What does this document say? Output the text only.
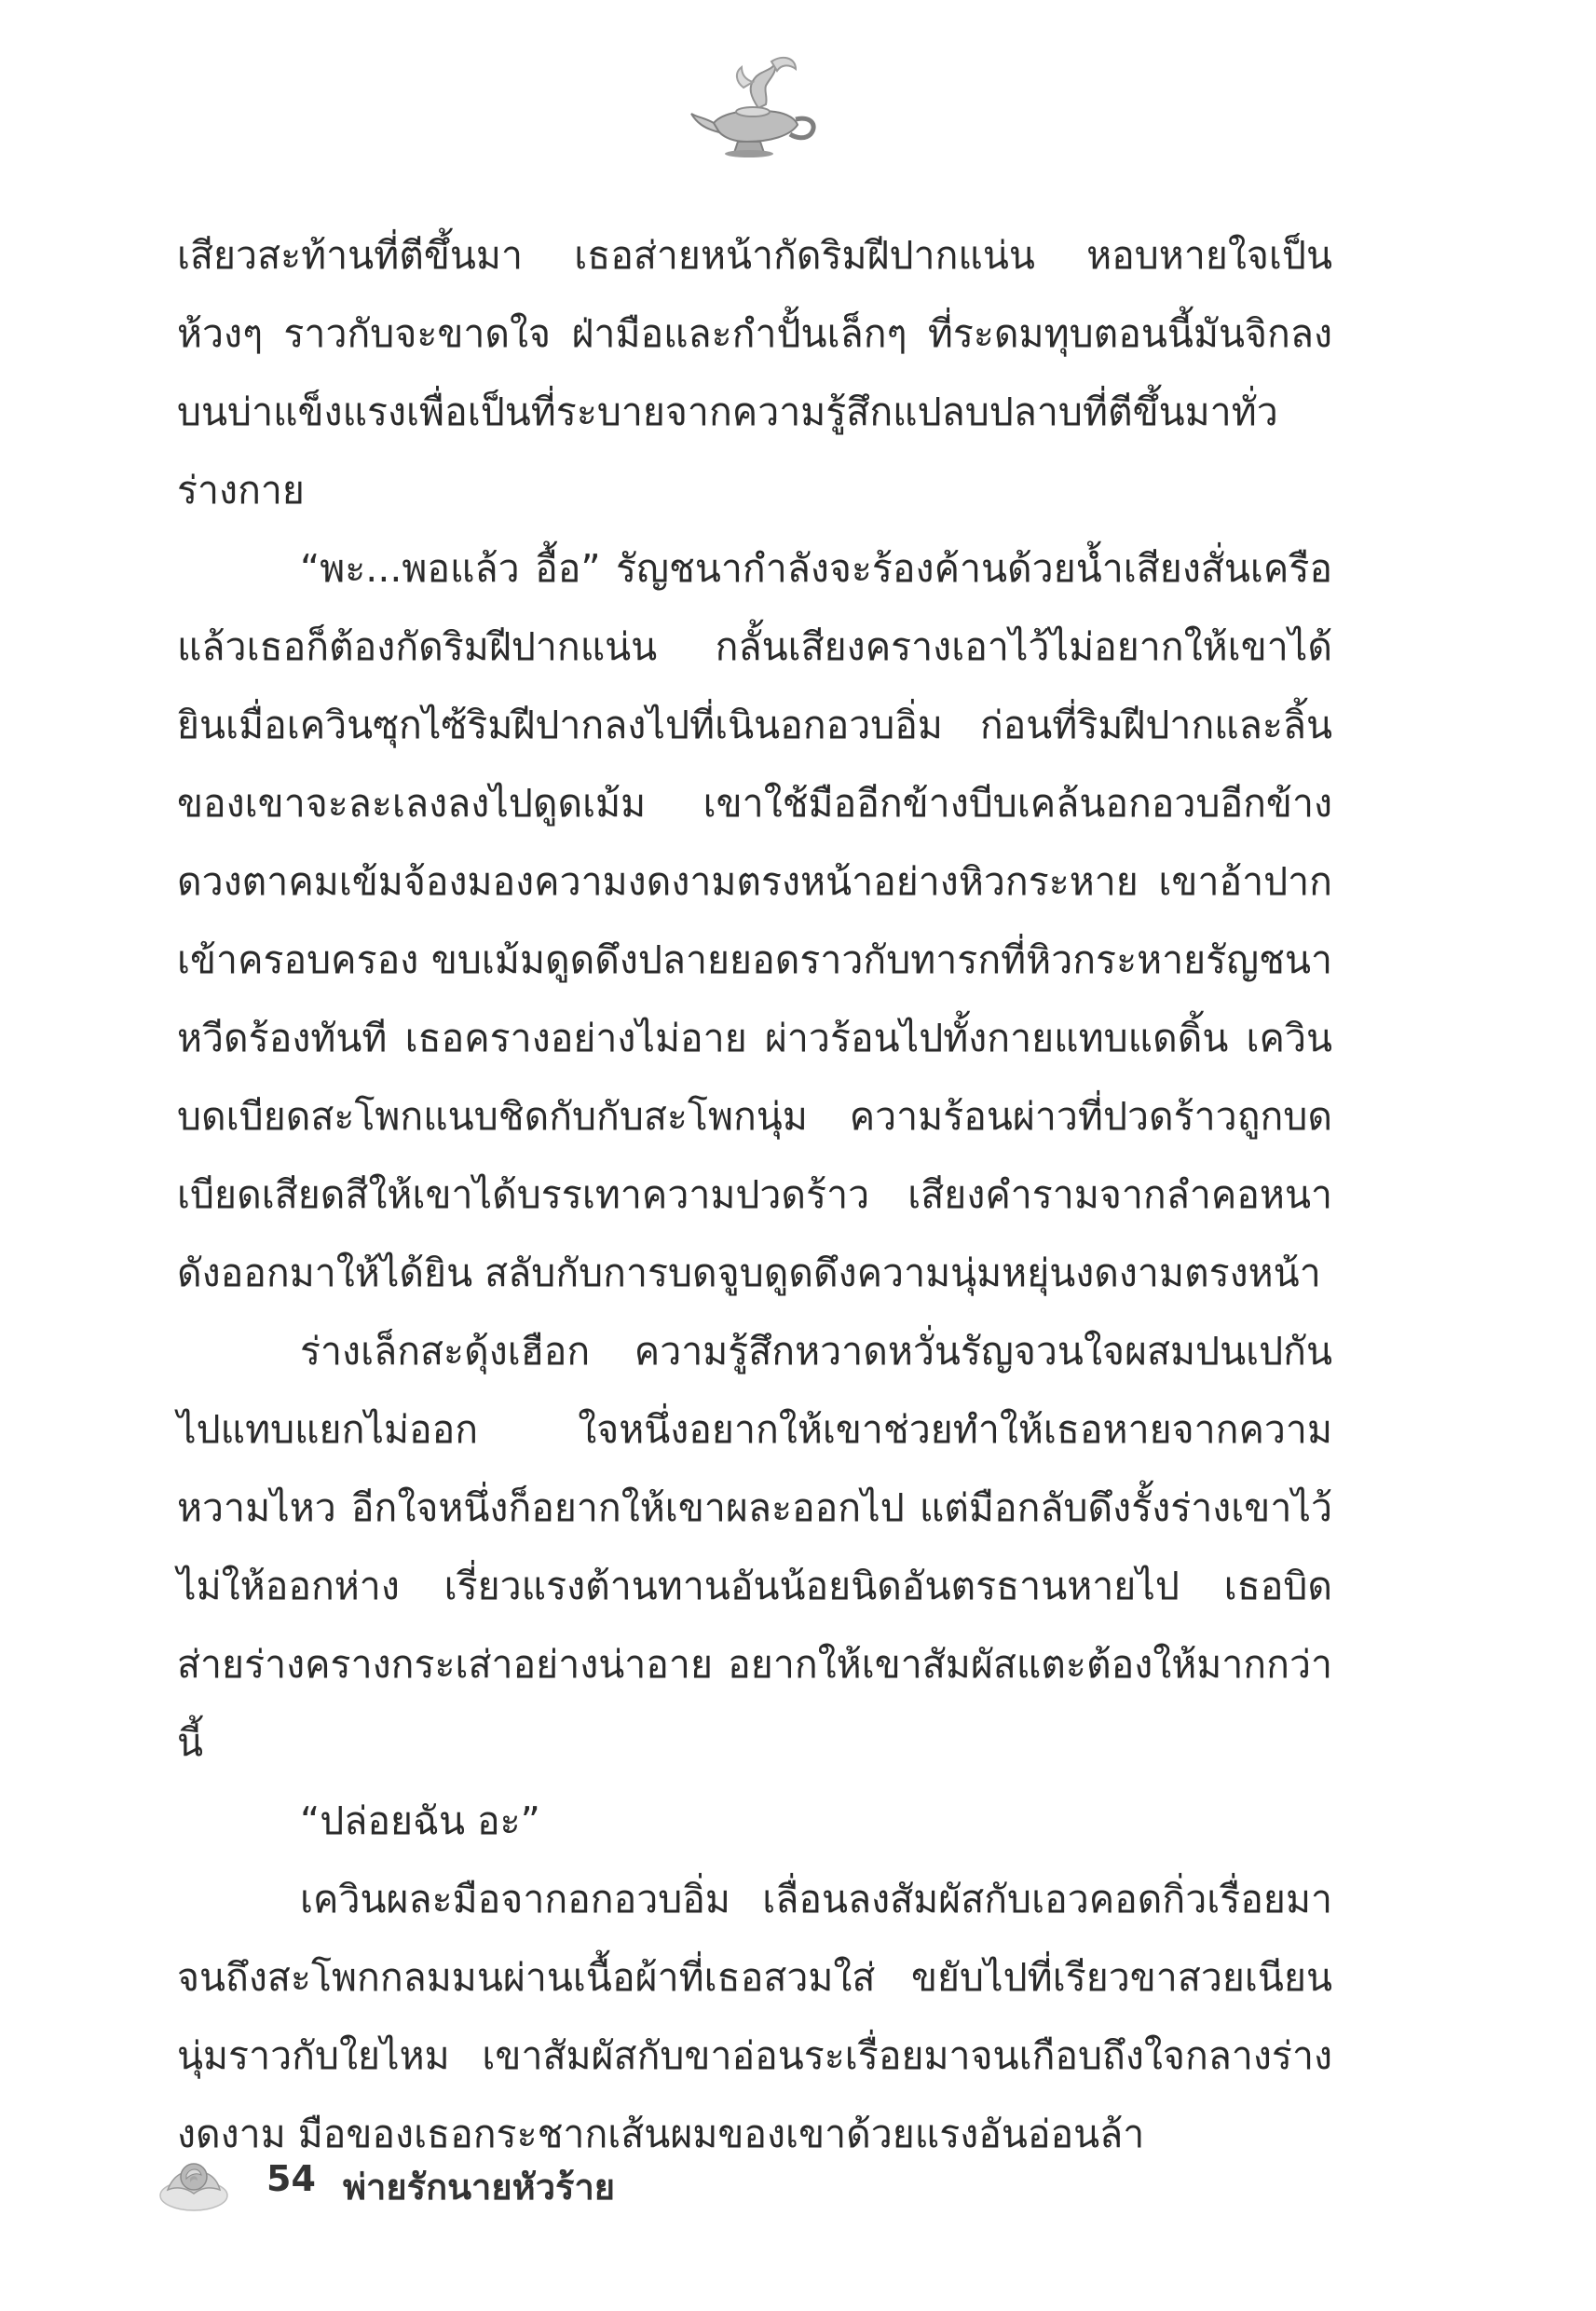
เสียวสะท้านที่ตีขึ้นมา เธอส่ายหน้ากัดริมฝีปากแน่น หอบหายใจเป็นห้วงๆ ราวกับจะขาดใจ ฝ่ามือและกำปั้นเล็กๆ ที่ระดมทุบตอนนี้มันจิกลงบนบ่าแข็งแรงเพื่อเป็นที่ระบายจากความรู้สึกแปลบปลาบที่ตีขึ้นมาทั่วร่างกาย

“พะ...พอแล้ว อื้อ” รัญชนากำลังจะร้องค้านด้วยน้ำเสียงสั่นเครือแล้วเธอก็ต้องกัดริมฝีปากแน่น กลั้นเสียงครางเอาไว้ไม่อยากให้เขาได้ยินเมื่อเควินซุกไซ้ริมฝีปากลงไปที่เนินอกอวบอิ่ม ก่อนที่ริมฝีปากและลิ้นของเขาจะละเลงลงไปดูดเม้ม เขาใช้มืออีกข้างบีบเคล้นอกอวบอีกข้างดวงตาคมเข้มจ้องมองความงดงามตรงหน้าอย่างหิวกระหาย เขาอ้าปากเข้าครอบครอง ขบเม้มดูดดึงปลายยอดราวกับทารกที่หิวกระหายรัญชนาหวีดร้องทันที เธอครางอย่างไม่อาย ผ่าวร้อนไปทั้งกายแทบแดดิ้น เควินบดเบียดสะโพกแนบชิดกับกับสะโพกนุ่ม ความร้อนผ่าวที่ปวดร้าวถูกบดเบียดเสียดสีให้เขาได้บรรเทาความปวดร้าว เสียงคำรามจากลำคอหนาดังออกมาให้ได้ยิน สลับกับการบดจูบดูดดึงความนุ่มหยุ่นงดงามตรงหน้า

ร่างเล็กสะดุ้งเฮือก ความรู้สึกหวาดหวั่นรัญจวนใจผสมปนเปกันไปแทบแยกไม่ออก ใจหนึ่งอยากให้เขาช่วยทำให้เธอหายจากความหวามไหว อีกใจหนึ่งก็อยากให้เขาผละออกไป แต่มือกลับดึงรั้งร่างเขาไว้ไม่ให้ออกห่าง เรี่ยวแรงต้านทานอันน้อยนิดอันตรธานหายไป เธอบิดส่ายร่างครางกระเส่าอย่างน่าอาย อยากให้เขาสัมผัสแตะต้องให้มากกว่านี้

“ปล่อยฉัน อะ”

เควินผละมือจากอกอวบอิ่ม เลื่อนลงสัมผัสกับเอวคอดกิ่วเรื่อยมาจนถึงสะโพกกลมมนผ่านเนื้อผ้าที่เธอสวมใส่ ขยับไปที่เรียวขาสวยเนียนนุ่มราวกับใยไหม เขาสัมผัสกับขาอ่อนระเรื่อยมาจนเกือบถึงใจกลางร่างงดงาม มือของเธอกระชากเส้นผมของเขาด้วยแรงอันอ่อนล้า

54 พ่ายรักนายหัวร้าย
